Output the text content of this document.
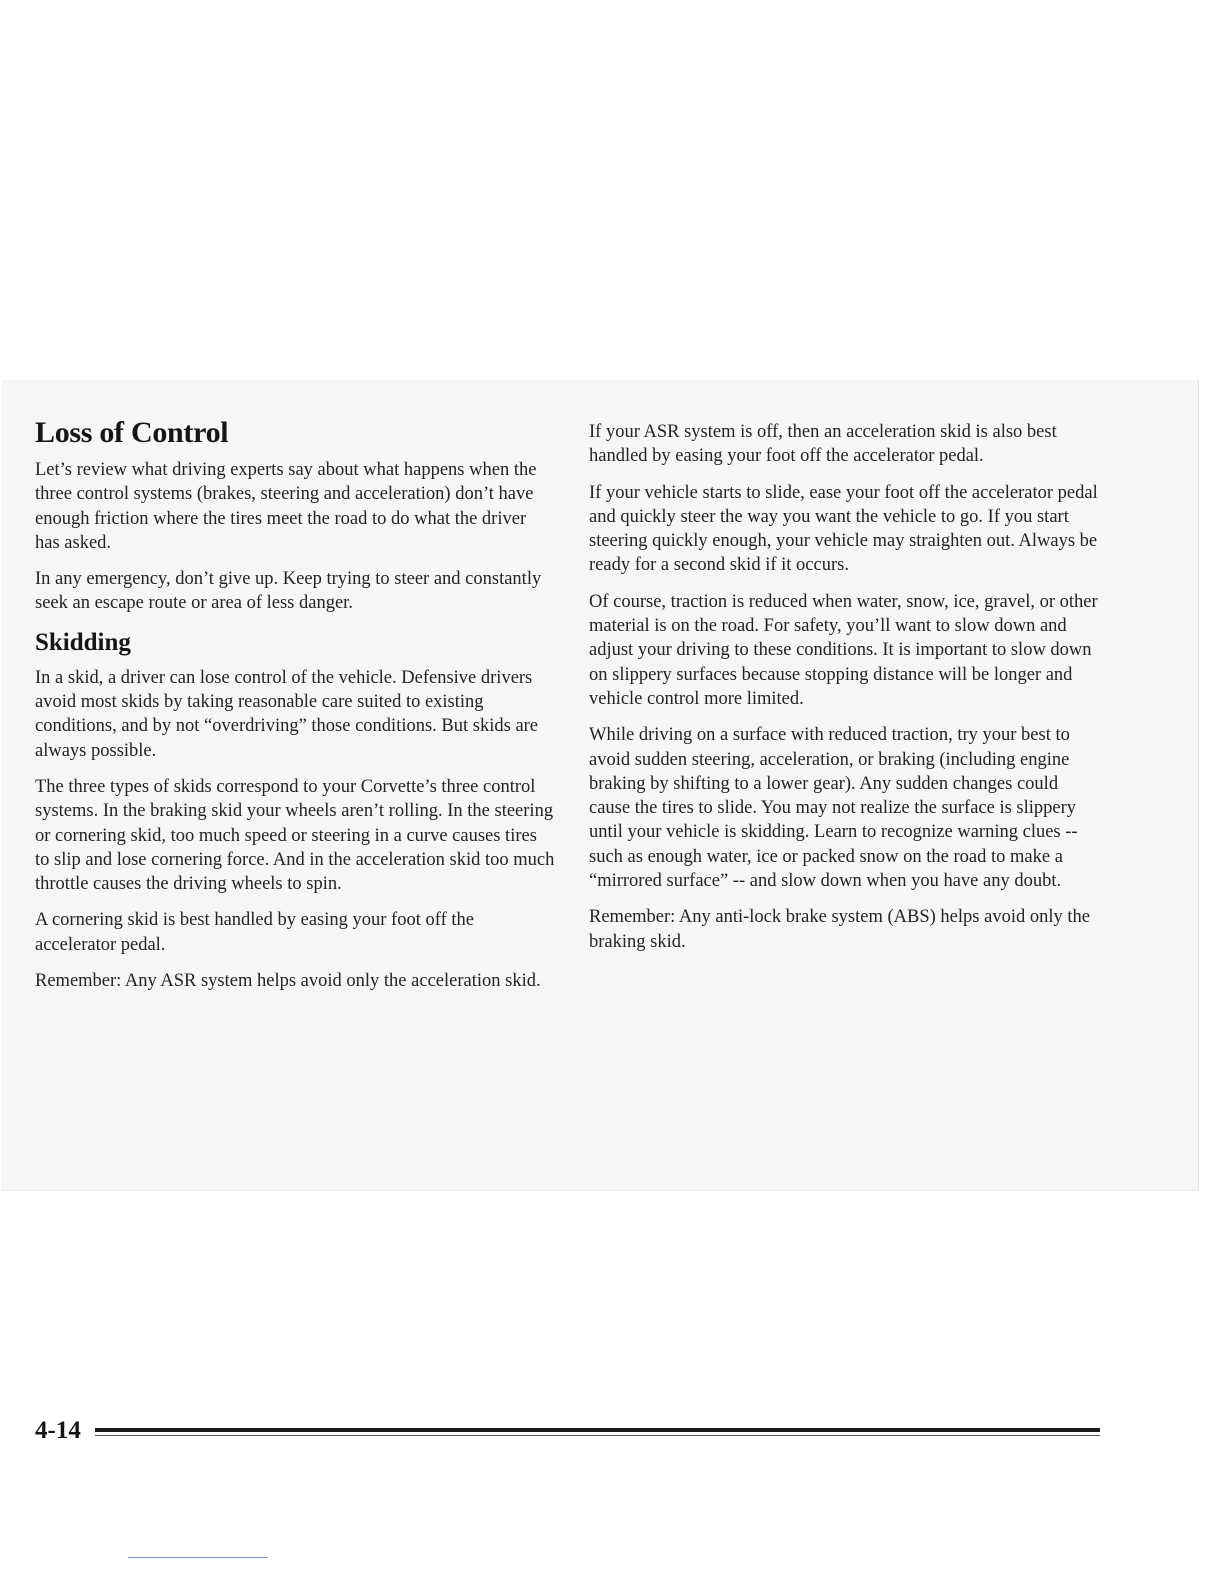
Loss of Control

Let’s review what driving experts say about what happens when the three control systems (brakes, steering and acceleration) don’t have enough friction where the tires meet the road to do what the driver has asked.

In any emergency, don’t give up. Keep trying to steer and constantly seek an escape route or area of less danger.

Skidding

In a skid, a driver can lose control of the vehicle. Defensive drivers avoid most skids by taking reasonable care suited to existing conditions, and by not “overdriving” those conditions. But skids are always possible.

The three types of skids correspond to your Corvette’s three control systems. In the braking skid your wheels aren’t rolling. In the steering or cornering skid, too much speed or steering in a curve causes tires to slip and lose cornering force. And in the acceleration skid too much throttle causes the driving wheels to spin.

A cornering skid is best handled by easing your foot off the accelerator pedal.

Remember: Any ASR system helps avoid only the acceleration skid.

If your ASR system is off, then an acceleration skid is also best handled by easing your foot off the accelerator pedal.

If your vehicle starts to slide, ease your foot off the accelerator pedal and quickly steer the way you want the vehicle to go. If you start steering quickly enough, your vehicle may straighten out. Always be ready for a second skid if it occurs.

Of course, traction is reduced when water, snow, ice, gravel, or other material is on the road. For safety, you’ll want to slow down and adjust your driving to these conditions. It is important to slow down on slippery surfaces because stopping distance will be longer and vehicle control more limited.

While driving on a surface with reduced traction, try your best to avoid sudden steering, acceleration, or braking (including engine braking by shifting to a lower gear). Any sudden changes could cause the tires to slide. You may not realize the surface is slippery until your vehicle is skidding. Learn to recognize warning clues -- such as enough water, ice or packed snow on the road to make a “mirrored surface” -- and slow down when you have any doubt.

Remember: Any anti-lock brake system (ABS) helps avoid only the braking skid.

4-14
